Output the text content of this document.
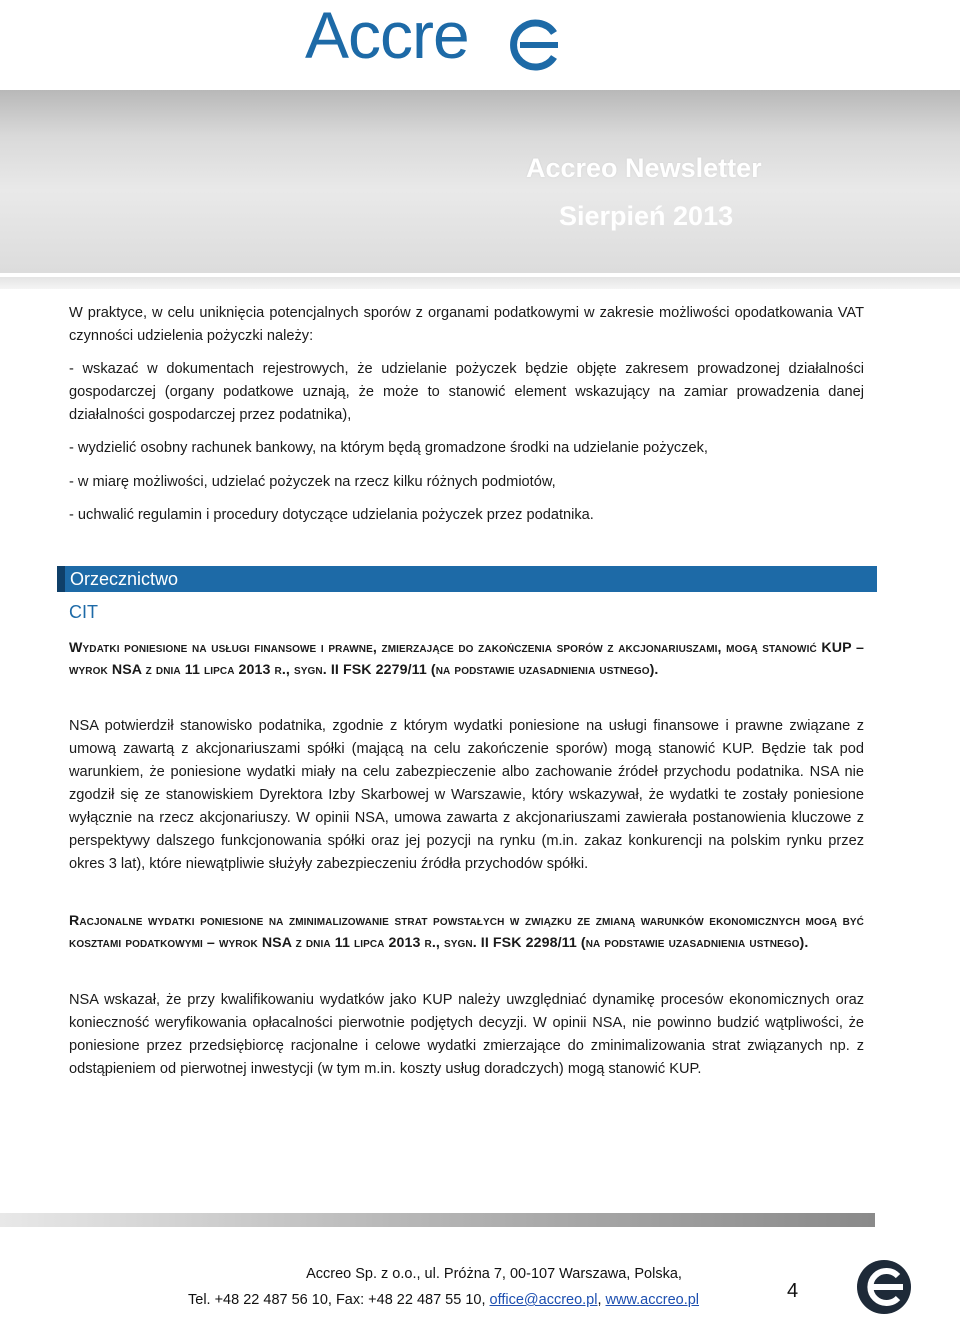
Accre
Accreo Newsletter
Sierpień 2013

W praktyce, w celu uniknięcia potencjalnych sporów z organami podatkowymi w zakresie możliwości opodatkowania VAT czynności udzielenia pożyczki należy:

- wskazać w dokumentach rejestrowych, że udzielanie pożyczek będzie objęte zakresem prowadzonej działalności gospodarczej (organy podatkowe uznają, że może to stanowić element wskazujący na zamiar prowadzenia danej działalności gospodarczej przez podatnika),

- wydzielić osobny rachunek bankowy, na którym będą gromadzone środki na udzielanie pożyczek,
- w miarę możliwości, udzielać pożyczek na rzecz kilku różnych podmiotów,
- uchwalić regulamin i procedury dotyczące udzielania pożyczek przez podatnika.
Orzecznictwo
CIT

Wydatki poniesione na usługi finansowe i prawne, zmierzające do zakończenia sporów z akcjonariuszami, mogą stanowić KUP – wyrok NSA z dnia 11 lipca 2013 r., sygn. II FSK 2279/11 (na podstawie uzasadnienia ustnego).

NSA potwierdził stanowisko podatnika, zgodnie z którym wydatki poniesione na usługi finansowe i prawne związane z umową zawartą z akcjonariuszami spółki (mającą na celu zakończenie sporów) mogą stanowić KUP. Będzie tak pod warunkiem, że poniesione wydatki miały na celu zabezpieczenie albo zachowanie źródeł przychodu podatnika. NSA nie zgodził się ze stanowiskiem Dyrektora Izby Skarbowej w Warszawie, który wskazywał, że wydatki te zostały poniesione wyłącznie na rzecz akcjonariuszy. W opinii NSA, umowa zawarta z akcjonariuszami zawierała postanowienia kluczowe z perspektywy dalszego funkcjonowania spółki oraz jej pozycji na rynku (m.in. zakaz konkurencji na polskim rynku przez okres 3 lat), które niewątpliwie służyły zabezpieczeniu źródła przychodów spółki.

Racjonalne wydatki poniesione na zminimalizowanie strat powstałych w związku ze zmianą warunków ekonomicznych mogą być kosztami podatkowymi – wyrok NSA z dnia 11 lipca 2013 r., sygn. II FSK 2298/11 (na podstawie uzasadnienia ustnego).

NSA wskazał, że przy kwalifikowaniu wydatków jako KUP należy uwzględniać dynamikę procesów ekonomicznych oraz konieczność weryfikowania opłacalności pierwotnie podjętych decyzji. W opinii NSA, nie powinno budzić wątpliwości, że poniesione przez przedsiębiorcę racjonalne i celowe wydatki zmierzające do zminimalizowania strat związanych np. z odstąpieniem od pierwotnej inwestycji (w tym m.in. koszty usług doradczych) mogą stanowić KUP.

Accreo Sp. z o.o., ul. Próżna 7, 00-107 Warszawa, Polska,
Tel. +48 22 487 56 10, Fax: +48 22 487 55 10, office@accreo.pl, www.accreo.pl	4
